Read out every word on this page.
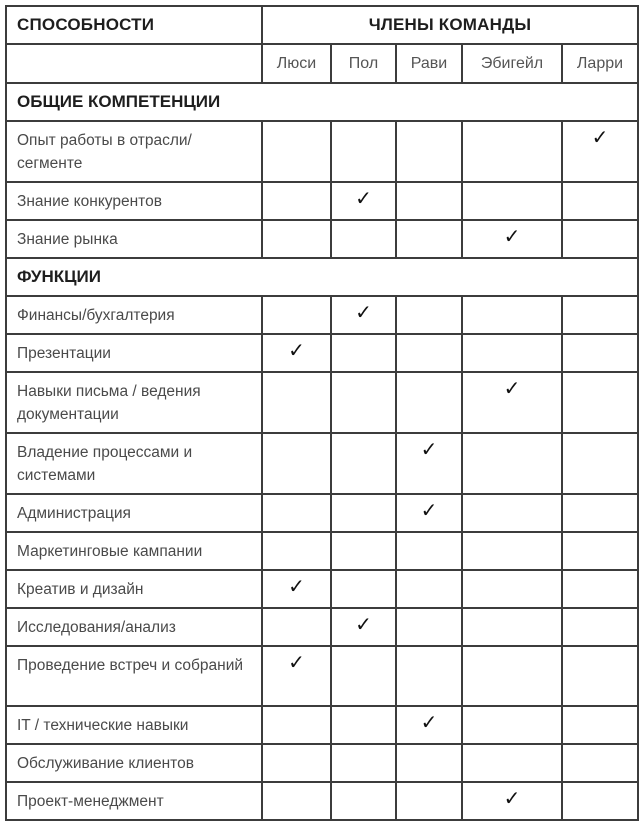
СПОСОБНОСТИ	ЧЛЕНЫ КОМАНДЫ				
	Люси	Пол	Рави	Эбигейл	Ларри
ОБЩИЕ КОМПЕТЕНЦИИ					
Опыт работы в отрасли/ сегменте					✓
Знание конкурентов		✓			
Знание рынка				✓	
ФУНКЦИИ					
Финансы/бухгалтерия		✓			
Презентации	✓				
Навыки письма / ведения документации				✓	
Владение процессами и системами			✓		
Администрация			✓		
Маркетинговые кампании					
Креатив и дизайн	✓				
Исследования/анализ		✓			
Проведение встреч и собраний	✓				
IT / технические навыки			✓		
Обслуживание клиентов					
Проект-менеджмент				✓	
